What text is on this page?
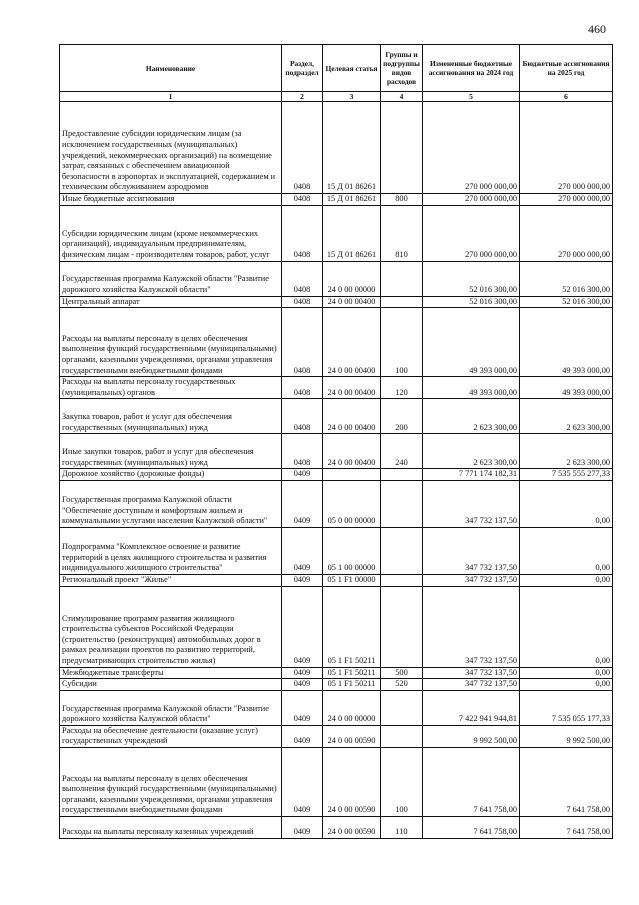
460
Наименование	Раздел, подраздел	Целевая статья	Группы и подгруппы видов расходов	Измененные бюджетные ассигнования на 2024 год	Бюджетные ассигнования на 2025 год
1	2	3	4	5	6
Предоставление субсидии юридическим лицам (за исключением государственных (муниципальных) учреждений, некоммерческих организаций) на возмещение затрат, связанных с обеспечением авиационной безопасности в аэропортах и эксплуатацией, содержанием и техническим обслуживанием аэродромов	0408	15 Д 01 86261		270 000 000,00	270 000 000,00
Иные бюджетные ассигнования	0408	15 Д 01 86261	800	270 000 000,00	270 000 000,00
Субсидии юридическим лицам (кроме некоммерческих организаций), индивидуальным предпринимателям, физическим лицам - производителям товаров, работ, услуг	0408	15 Д 01 86261	810	270 000 000,00	270 000 000,00
Государственная программа Калужской области "Развитие дорожного хозяйства Калужской области"	0408	24 0 00 00000		52 016 300,00	52 016 300,00
Центральный аппарат	0408	24 0 00 00400		52 016 300,00	52 016 300,00
Расходы на выплаты персоналу в целях обеспечения выполнения функций государственными (муниципальными) органами, казенными учреждениями, органами управления государственными внебюджетными фондами	0408	24 0 00 00400	100	49 393 000,00	49 393 000,00
Расходы на выплаты персоналу государственных (муниципальных) органов	0408	24 0 00 00400	120	49 393 000,00	49 393 000,00
Закупка товаров, работ и услуг для обеспечения государственных (муниципальных) нужд	0408	24 0 00 00400	200	2 623 300,00	2 623 300,00
Иные закупки товаров, работ и услуг для обеспечения государственных (муниципальных) нужд	0408	24 0 00 00400	240	2 623 300,00	2 623 300,00
Дорожное хозяйство (дорожные фонды)	0409			7 771 174 182,31	7 535 555 277,33
Государственная программа Калужской области "Обеспечение доступным и комфортным жильем и коммунальными услугами населения Калужской области"	0409	05 0 00 00000		347 732 137,50	0,00
Подпрограмма "Комплексное освоение и развитие территорий в целях жилищного строительства и развития индивидуального жилищного строительства"	0409	05 1 00 00000		347 732 137,50	0,00
Региональный проект "Жилье"	0409	05 1 F1 00000		347 732 137,50	0,00
Стимулирование программ развития жилищного строительства субъектов Российской Федерации (строительство (реконструкция) автомобильных дорог в рамках реализации проектов по развитию территорий, предусматривающих строительство жилья)	0409	05 1 F1 50211		347 732 137,50	0,00
Межбюджетные трансферты	0409	05 1 F1 50211	500	347 732 137,50	0,00
Субсидии	0409	05 1 F1 50211	520	347 732 137,50	0,00
Государственная программа Калужской области "Развитие дорожного хозяйства Калужской области"	0409	24 0 00 00000		7 422 941 944,81	7 535 055 177,33
Расходы на обеспечение деятельности (оказание услуг) государственных учреждений	0409	24 0 00 00590		9 992 500,00	9 992 500,00
Расходы на выплаты персоналу в целях обеспечения выполнения функций государственными (муниципальными) органами, казенными учреждениями, органами управления государственными внебюджетными фондами	0409	24 0 00 00590	100	7 641 758,00	7 641 758,00
Расходы на выплаты персоналу казенных учреждений	0409	24 0 00 00590	110	7 641 758,00	7 641 758,00
